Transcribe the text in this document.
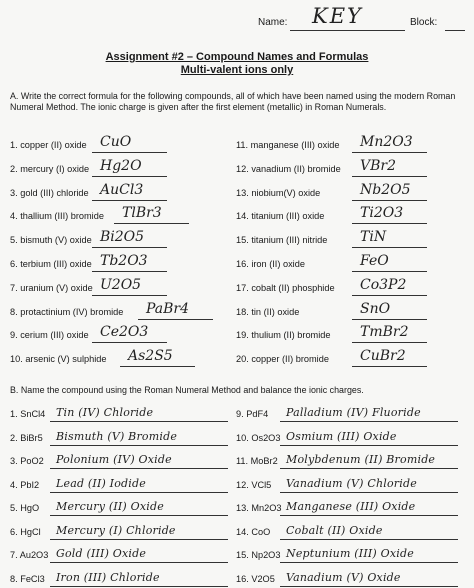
Name: KEY	Block:
Assignment #2 – Compound Names and Formulas
Multi-valent ions only
A. Write the correct formula for the following compounds, all of which have been named using the modern Roman Numeral Method. The ionic charge is given after the first element (metallic) in Roman Numerals.
1. copper (II) oxide CuO
2. mercury (I) oxide Hg2O
3. gold (III) chloride AuCl3
4. thallium (III) bromide TlBr3
5. bismuth (V) oxide Bi2O5
6. terbium (III) oxide Tb2O3
7. uranium (V) oxide U2O5
8. protactinium (IV) bromide PaBr4
9. cerium (III) oxide Ce2O3
10. arsenic (V) sulphide As2S5
11. manganese (III) oxide Mn2O3
12. vanadium (II) bromide VBr2
13. niobium(V) oxide	Nb2O5
14. titanium (III) oxide	Ti2O3
15. titanium (III) nitride TiN
16. iron (II) oxide	FeO
17. cobalt (II) phosphide Co3P2
18. tin (II) oxide	SnO
19. thulium (II) bromide TmBr2
20. copper (II) bromide CuBr2
B. Name the compound using the Roman Numeral Method and balance the ionic charges.
1. SnCl4 Tin (IV) Chloride
2. BiBr5 Bismuth (V) Bromide
3. PoO2 Polonium (IV) Oxide
4. PbI2 Lead (II) Iodide
5. HgO Mercury (II) Oxide
6. HgCl Mercury (I) Chloride
7. Au2O3 Gold (III) Oxide
8. FeCl3 Iron (III) Chloride
9. PdF4 Palladium (IV) Fluoride
10. Os2O3 Osmium (III) Oxide
11. MoBr2 Molybdenum (II) Bromide
12. VCl5 Vanadium (V) Chloride
13. Mn2O3 Manganese (III) Oxide
14. CoO Cobalt (II) Oxide
15. Np2O3 Neptunium (III) Oxide
16. V2O5 Vanadium (V) Oxide
